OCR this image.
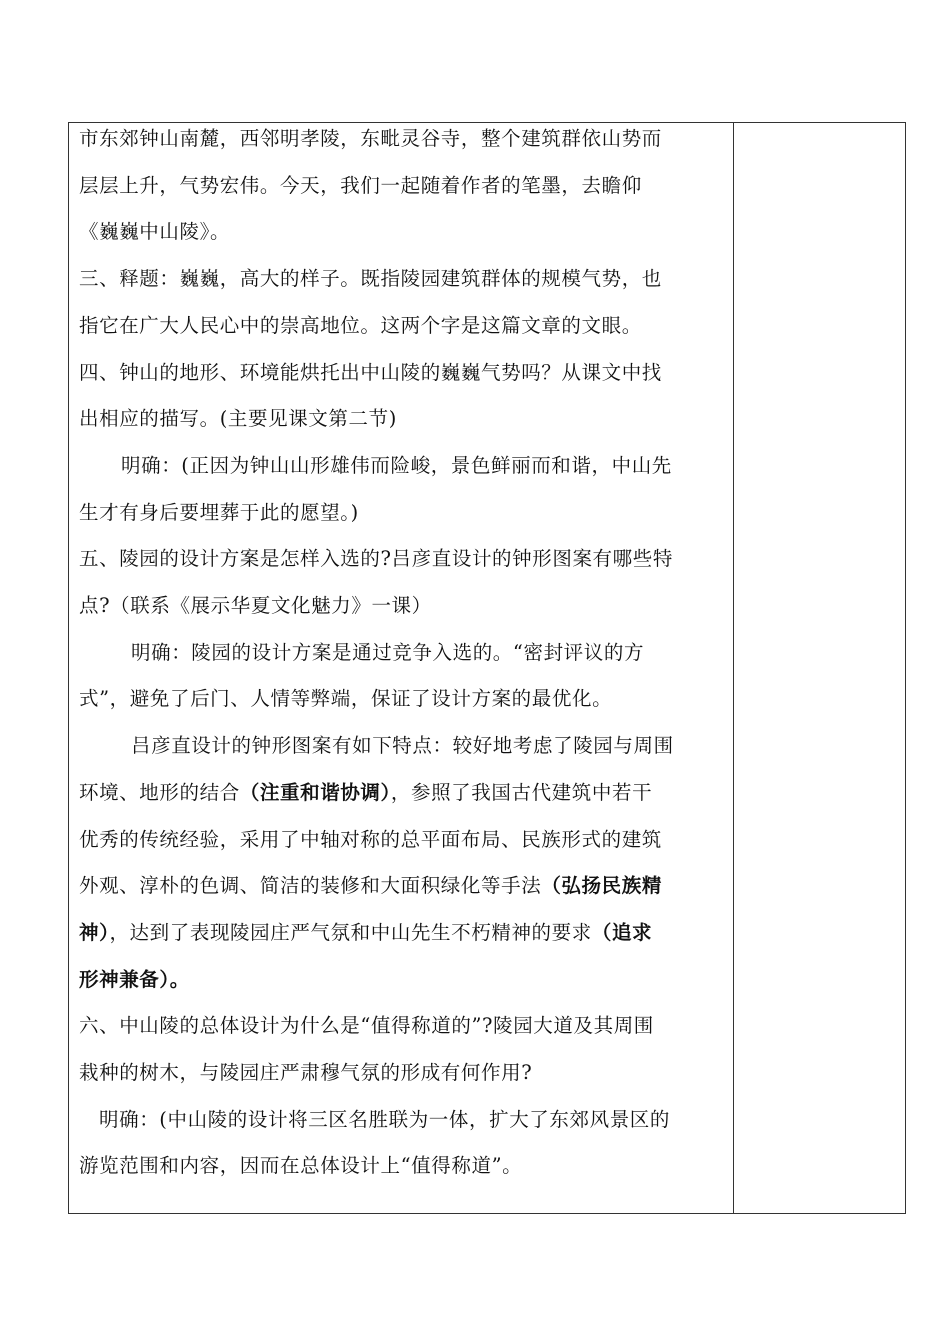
市东郊钟山南麓，西邻明孝陵，东毗灵谷寺，整个建筑群依山势而
层层上升，气势宏伟。今天，我们一起随着作者的笔墨，去瞻仰
《巍巍中山陵》。
三、释题：巍巍，高大的样子。既指陵园建筑群体的规模气势，也
指它在广大人民心中的崇高地位。这两个字是这篇文章的文眼。
四、钟山的地形、环境能烘托出中山陵的巍巍气势吗？从课文中找
出相应的描写。(主要见课文第二节)
明确：(正因为钟山山形雄伟而险峻，景色鲜丽而和谐，中山先
生才有身后要埋葬于此的愿望。)
五、陵园的设计方案是怎样入选的?吕彦直设计的钟形图案有哪些特
点?（联系《展示华夏文化魅力》一课）
明确：陵园的设计方案是通过竞争入选的。“密封评议的方
式”，避免了后门、人情等弊端，保证了设计方案的最优化。
吕彦直设计的钟形图案有如下特点：较好地考虑了陵园与周围
环境、地形的结合（注重和谐协调），参照了我国古代建筑中若干
优秀的传统经验，采用了中轴对称的总平面布局、民族形式的建筑
外观、淳朴的色调、简洁的装修和大面积绿化等手法（弘扬民族精
神），达到了表现陵园庄严气氛和中山先生不朽精神的要求（追求
形神兼备）。
六、中山陵的总体设计为什么是“值得称道的”?陵园大道及其周围
栽种的树木，与陵园庄严肃穆气氛的形成有何作用?
明确：(中山陵的设计将三区名胜联为一体，扩大了东郊风景区的
游览范围和内容，因而在总体设计上“值得称道”。
